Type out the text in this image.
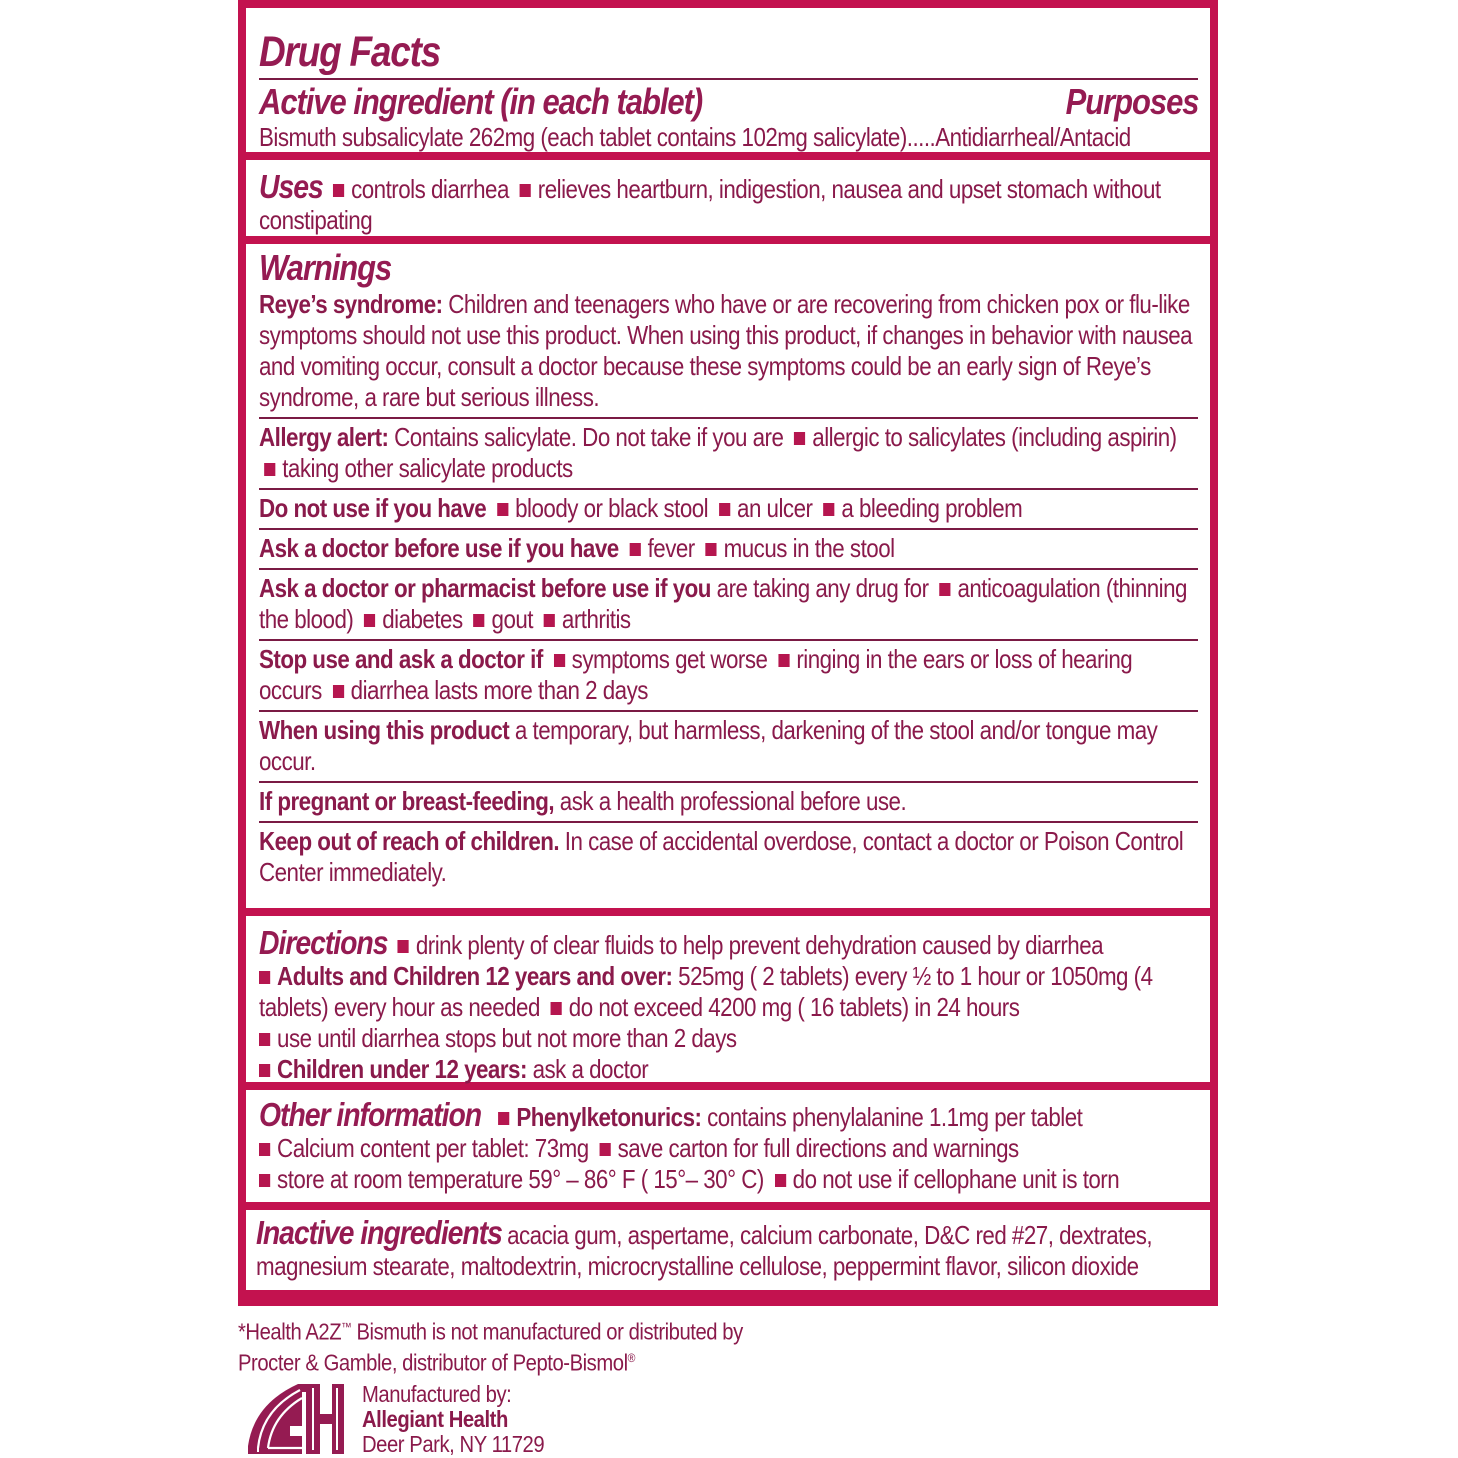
Drug Facts
Active ingredient (in each tablet)	Purposes
Bismuth subsalicylate 262mg (each tablet contains 102mg salicylate).....Antidiarrheal/Antacid
Uses controls diarrhea relieves heartburn, indigestion, nausea and upset stomach without constipating
Warnings
Reye’s syndrome: Children and teenagers who have or are recovering from chicken pox or flu-like symptoms should not use this product. When using this product, if changes in behavior with nausea and vomiting occur, consult a doctor because these symptoms could be an early sign of Reye’s syndrome, a rare but serious illness.
Allergy alert: Contains salicylate. Do not take if you are allergic to salicylates (including aspirin) taking other salicylate products
Do not use if you have bloody or black stool an ulcer a bleeding problem
Ask a doctor before use if you have fever mucus in the stool
Ask a doctor or pharmacist before use if you are taking any drug for anticoagulation (thinning the blood) diabetes gout arthritis
Stop use and ask a doctor if symptoms get worse ringing in the ears or loss of hearing occurs diarrhea lasts more than 2 days
When using this product a temporary, but harmless, darkening of the stool and/or tongue may occur.
If pregnant or breast-feeding, ask a health professional before use.
Keep out of reach of children. In case of accidental overdose, contact a doctor or Poison Control Center immediately.
Directions drink plenty of clear fluids to help prevent dehydration caused by diarrhea
Adults and Children 12 years and over: 525mg ( 2 tablets) every ½ to 1 hour or 1050mg (4 tablets) every hour as needed do not exceed 4200 mg ( 16 tablets) in 24 hours
use until diarrhea stops but not more than 2 days
Children under 12 years: ask a doctor
Other information Phenylketonurics: contains phenylalanine 1.1mg per tablet
Calcium content per tablet: 73mg save carton for full directions and warnings
store at room temperature 59° – 86° F ( 15°– 30° C) do not use if cellophane unit is torn
Inactive ingredients acacia gum, aspertame, calcium carbonate, D&C red #27, dextrates, magnesium stearate, maltodextrin, microcrystalline cellulose, peppermint flavor, silicon dioxide
*Health A2Z™ Bismuth is not manufactured or distributed by
Procter & Gamble, distributor of Pepto-Bismol®
Manufactured by:
Allegiant Health
Deer Park, NY 11729
